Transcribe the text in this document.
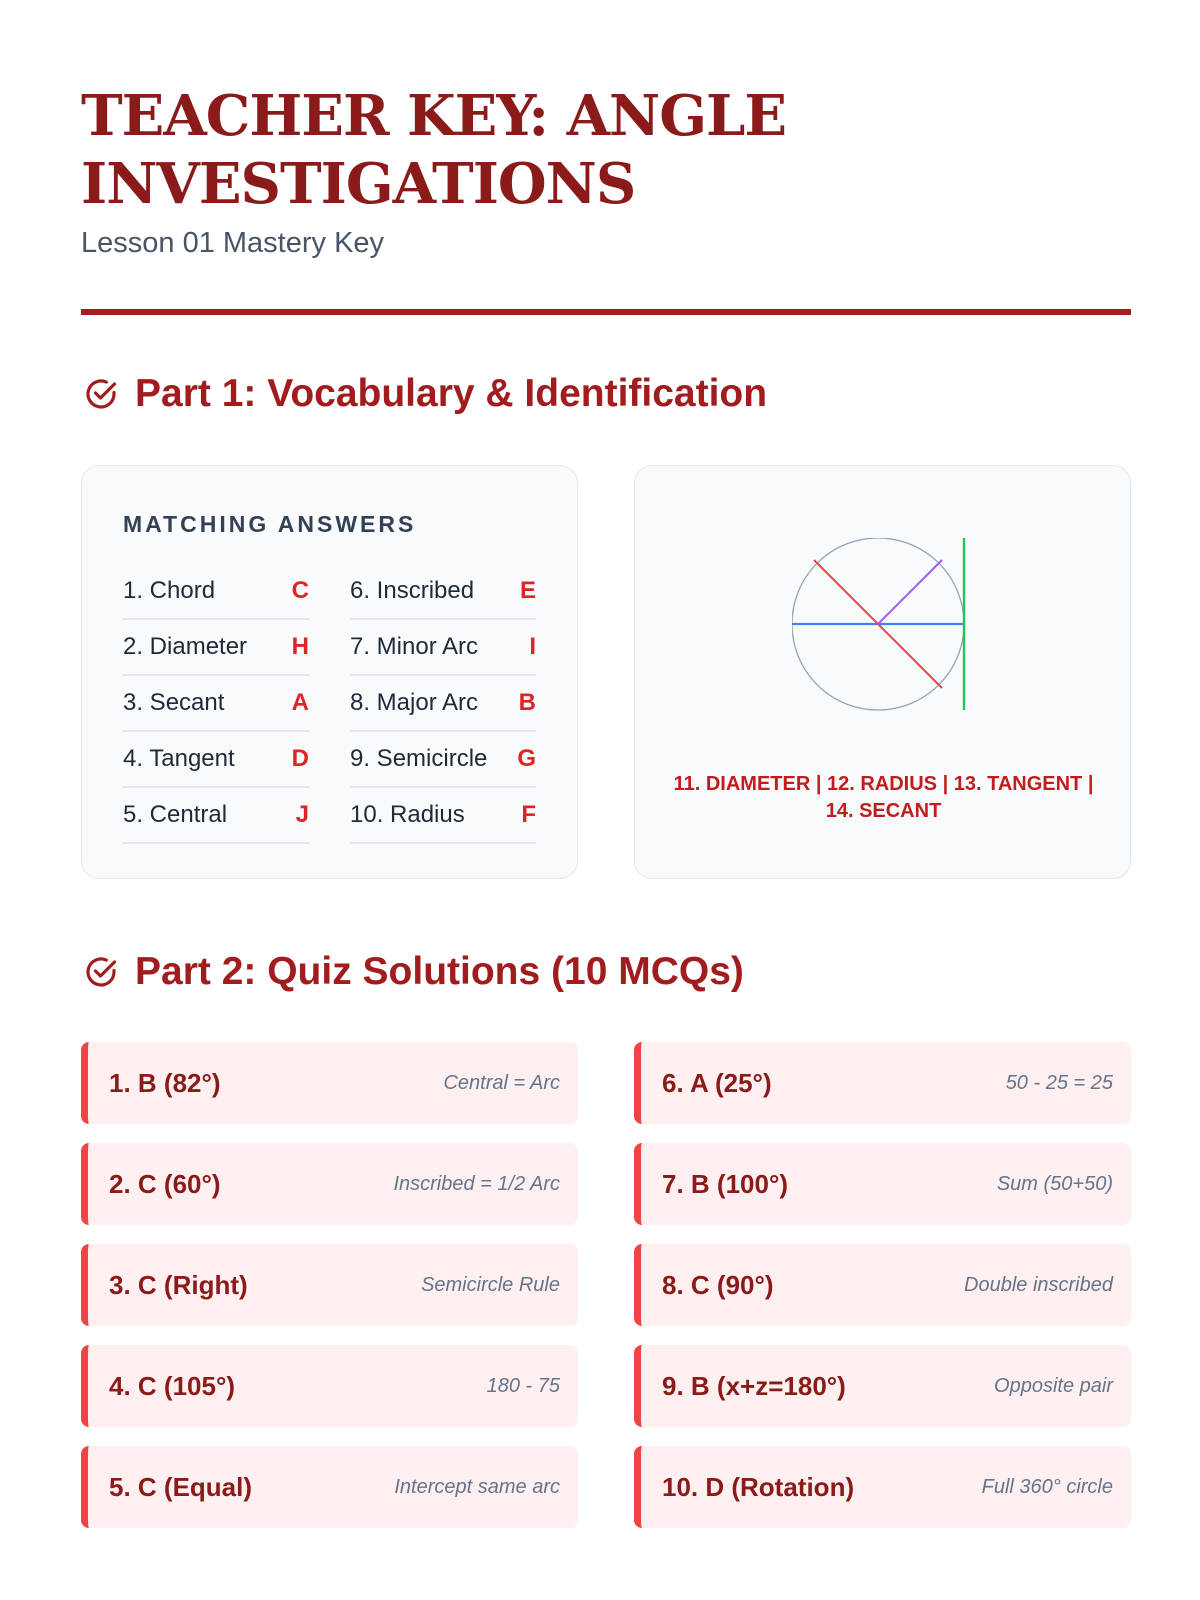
TEACHER KEY: ANGLE INVESTIGATIONS
Lesson 01 Mastery Key
Part 1: Vocabulary & Identification
MATCHING ANSWERS
1. Chord	C
2. Diameter H
3. Secant	A
4. Tangent D
5. Central	J
6. Inscribed E
7. Minor Arc I
8. Major Arc B
9. Semicircle G
10. Radius F
11. DIAMETER | 12. RADIUS | 13. TANGENT | 14. SECANT
Part 2: Quiz Solutions (10 MCQs)
1. B (82°)	Central = Arc
2. C (60°)	Inscribed = 1/2 Arc
3. C (Right)	Semicircle Rule
4. C (105°)	180 - 75
5. C (Equal)	Intercept same arc
6. A (25°)	50 - 25 = 25
7. B (100°)	Sum (50+50)
8. C (90°)	Double inscribed
9. B (x+z=180°)	Opposite pair
10. D (Rotation)	Full 360° circle
